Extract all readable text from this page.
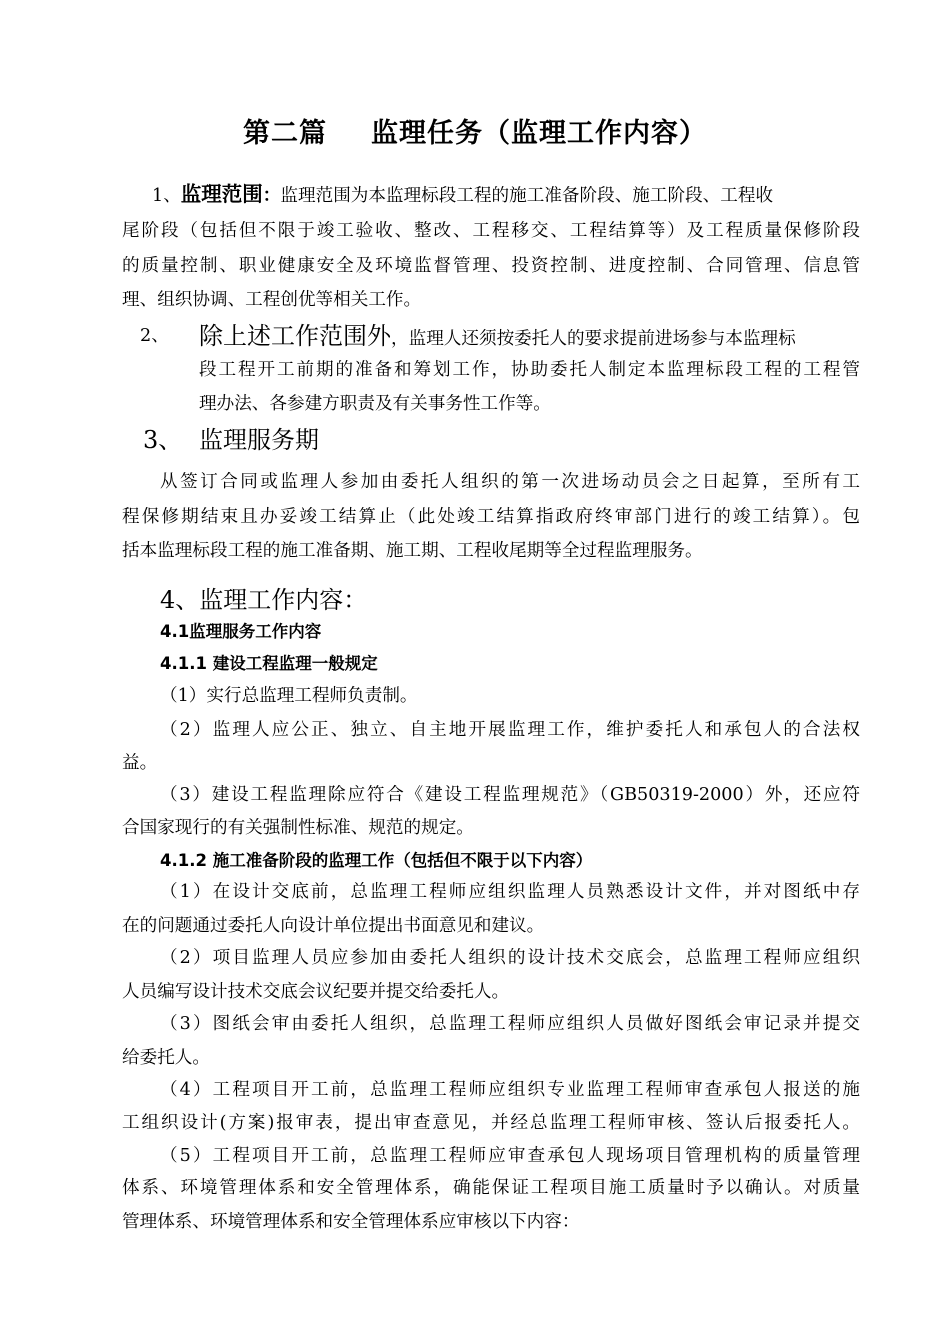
第二篇 监理任务（监理工作内容）
1、监理范围：监理范围为本监理标段工程的施工准备阶段、施工阶段、工程收
尾阶段（包括但不限于竣工验收、整改、工程移交、工程结算等）及工程质量保修阶段
的质量控制、职业健康安全及环境监督管理、投资控制、进度控制、合同管理、信息管
理、组织协调、工程创优等相关工作。
2、 除上述工作范围外，监理人还须按委托人的要求提前进场参与本监理标
段工程开工前期的准备和筹划工作，协助委托人制定本监理标段工程的工程管
理办法、各参建方职责及有关事务性工作等。
3、 监理服务期
从签订合同或监理人参加由委托人组织的第一次进场动员会之日起算，至所有工
程保修期结束且办妥竣工结算止（此处竣工结算指政府终审部门进行的竣工结算）。包
括本监理标段工程的施工准备期、施工期、工程收尾期等全过程监理服务。
4、监理工作内容：
4.1监理服务工作内容
4.1.1 建设工程监理一般规定
（1）实行总监理工程师负责制。
（2）监理人应公正、独立、自主地开展监理工作，维护委托人和承包人的合法权
益。
（3）建设工程监理除应符合《建设工程监理规范》（GB50319-2000）外，还应符
合国家现行的有关强制性标准、规范的规定。
4.1.2 施工准备阶段的监理工作（包括但不限于以下内容）
（1）在设计交底前，总监理工程师应组织监理人员熟悉设计文件，并对图纸中存
在的问题通过委托人向设计单位提出书面意见和建议。
（2）项目监理人员应参加由委托人组织的设计技术交底会，总监理工程师应组织
人员编写设计技术交底会议纪要并提交给委托人。
（3）图纸会审由委托人组织，总监理工程师应组织人员做好图纸会审记录并提交
给委托人。
（4）工程项目开工前，总监理工程师应组织专业监理工程师审查承包人报送的施
工组织设计(方案)报审表，提出审查意见，并经总监理工程师审核、签认后报委托人。
（5）工程项目开工前，总监理工程师应审查承包人现场项目管理机构的质量管理
体系、环境管理体系和安全管理体系，确能保证工程项目施工质量时予以确认。对质量
管理体系、环境管理体系和安全管理体系应审核以下内容：
